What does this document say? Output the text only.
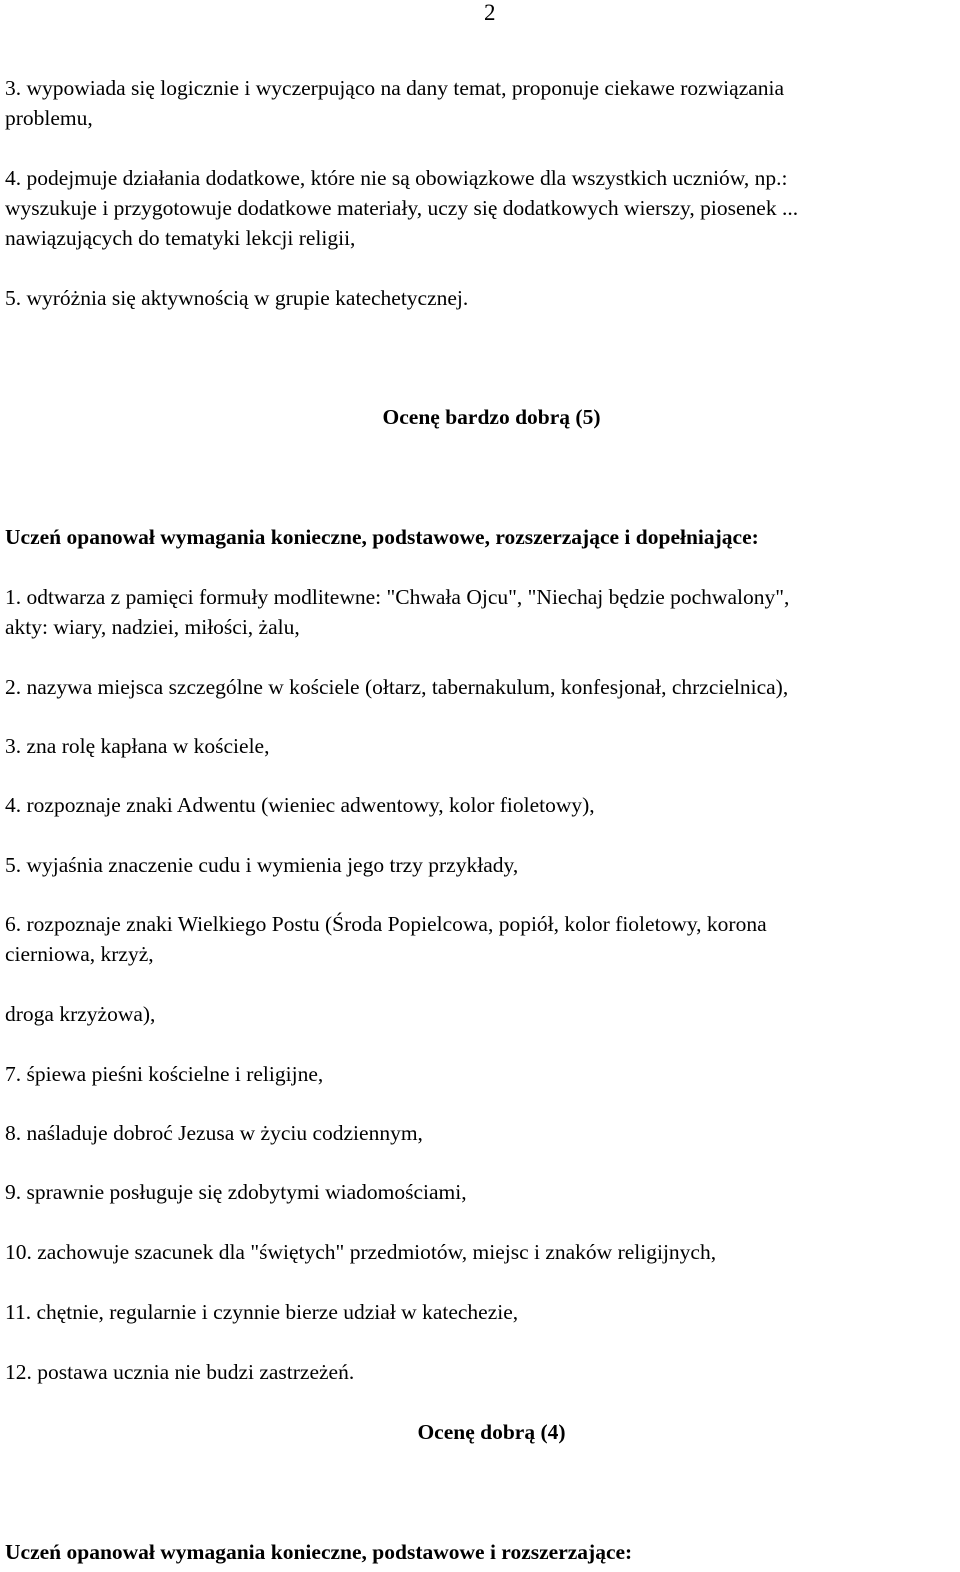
2
3. wypowiada się logicznie i wyczerpująco na dany temat, proponuje ciekawe rozwiązania
problemu,
4. podejmuje działania dodatkowe, które nie są obowiązkowe dla wszystkich uczniów, np.:
wyszukuje i przygotowuje dodatkowe materiały, uczy się dodatkowych wierszy, piosenek ...
nawiązujących do tematyki lekcji religii,
5. wyróżnia się aktywnością w grupie katechetycznej.
Ocenę bardzo dobrą (5)
Uczeń opanował wymagania konieczne, podstawowe, rozszerzające i dopełniające:
1. odtwarza z pamięci formuły modlitewne: "Chwała Ojcu", "Niechaj będzie pochwalony",
akty: wiary, nadziei, miłości, żalu,
2. nazywa miejsca szczególne w kościele (ołtarz, tabernakulum, konfesjonał, chrzcielnica),
3. zna rolę kapłana w kościele,
4. rozpoznaje znaki Adwentu (wieniec adwentowy, kolor fioletowy),
5. wyjaśnia znaczenie cudu i wymienia jego trzy przykłady,
6. rozpoznaje znaki Wielkiego Postu (Środa Popielcowa, popiół, kolor fioletowy, korona
cierniowa, krzyż,
droga krzyżowa),
7. śpiewa pieśni kościelne i religijne,
8. naśladuje dobroć Jezusa w życiu codziennym,
9. sprawnie posługuje się zdobytymi wiadomościami,
10. zachowuje szacunek dla "świętych" przedmiotów, miejsc i znaków religijnych,
11. chętnie, regularnie i czynnie bierze udział w katechezie,
12. postawa ucznia nie budzi zastrzeżeń.
Ocenę dobrą (4)
Uczeń opanował wymagania konieczne, podstawowe i rozszerzające:
